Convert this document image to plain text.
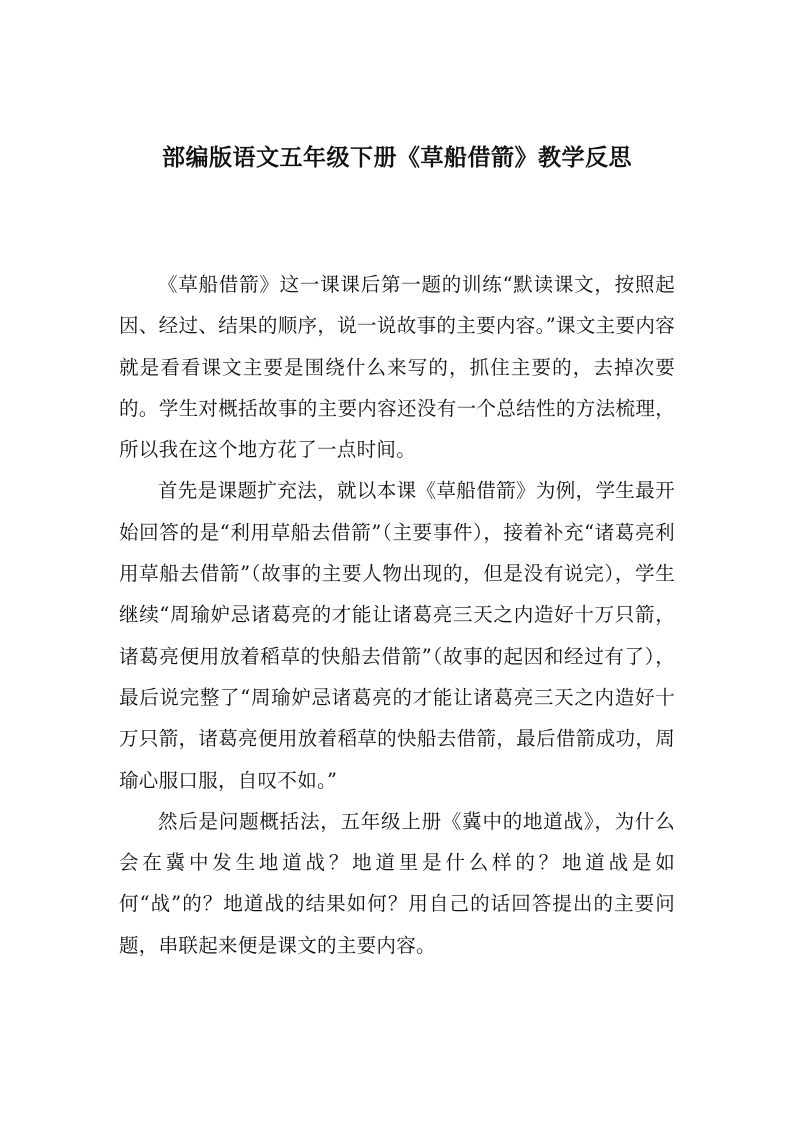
部编版语文五年级下册《草船借箭》教学反思

《草船借箭》这一课课后第一题的训练“默读课文，按照起因、经过、结果的顺序，说一说故事的主要内容。”课文主要内容就是看看课文主要是围绕什么来写的，抓住主要的，去掉次要的。学生对概括故事的主要内容还没有一个总结性的方法梳理，所以我在这个地方花了一点时间。

首先是课题扩充法，就以本课《草船借箭》为例，学生最开始回答的是“利用草船去借箭”（主要事件），接着补充“诸葛亮利用草船去借箭”（故事的主要人物出现的，但是没有说完），学生继续“周瑜妒忌诸葛亮的才能让诸葛亮三天之内造好十万只箭，诸葛亮便用放着稻草的快船去借箭”（故事的起因和经过有了），最后说完整了“周瑜妒忌诸葛亮的才能让诸葛亮三天之内造好十万只箭，诸葛亮便用放着稻草的快船去借箭，最后借箭成功，周瑜心服口服，自叹不如。”

然后是问题概括法，五年级上册《冀中的地道战》，为什么会在冀中发生地道战？地道里是什么样的？地道战是如何“战”的？地道战的结果如何？用自己的话回答提出的主要问题，串联起来便是课文的主要内容。
